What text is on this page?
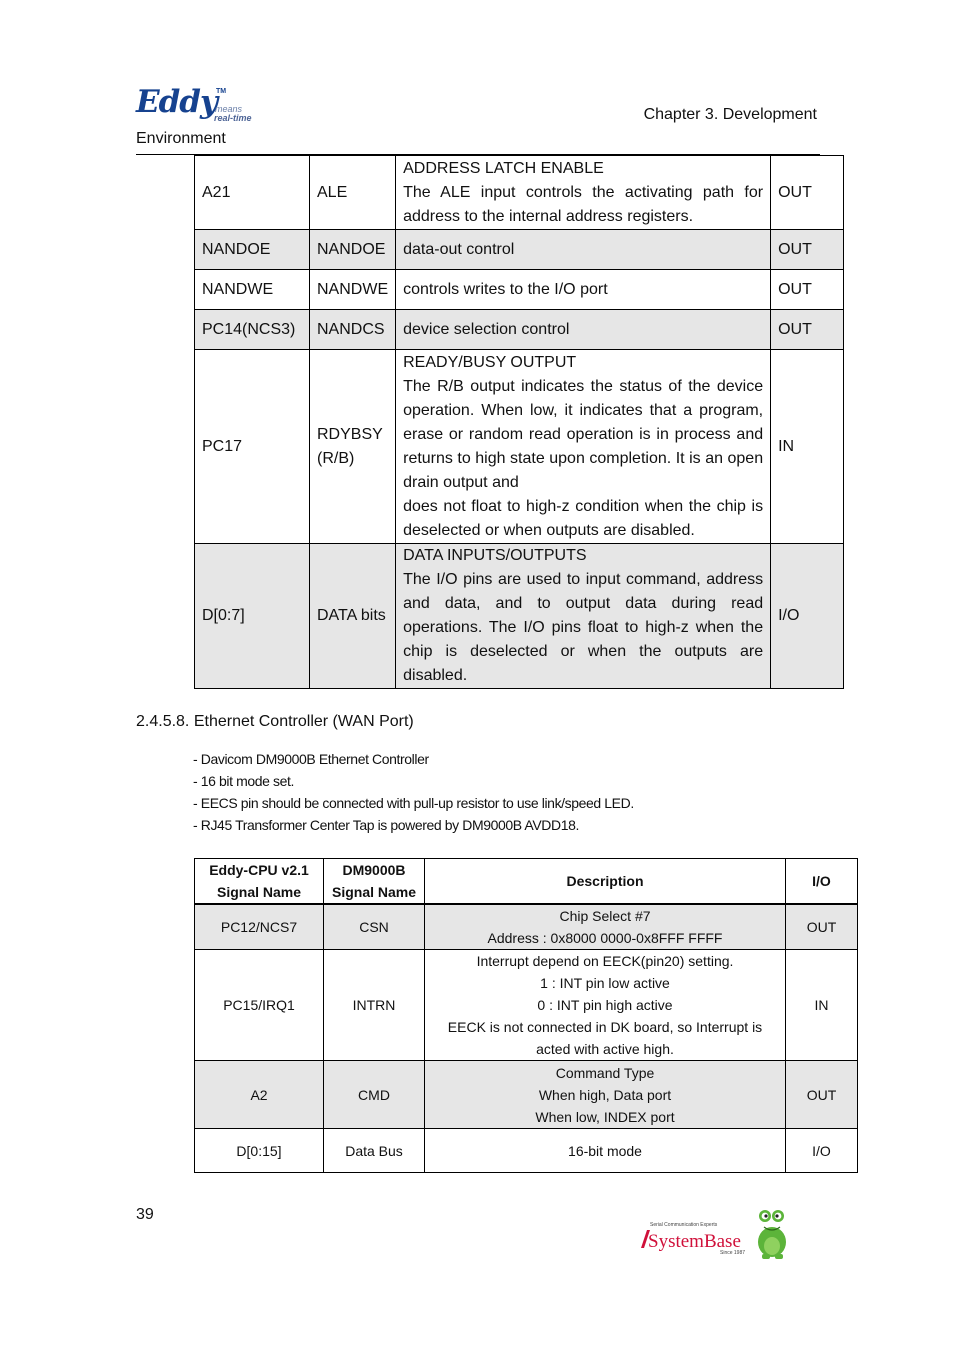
Eddy TM
means
real-time	Chapter 3. Development
Environment
A21	ALE	ADDRESS LATCH ENABLE
The ALE input controls the activating path for address to the internal address registers.	OUT
NANDOE	NANDOE	data-out control	OUT
NANDWE	NANDWE	controls writes to the I/O port	OUT
PC14(NCS3)	NANDCS	device selection control	OUT
PC17	RDYBSY (R/B)	READY/BUSY OUTPUT
The R/B output indicates the status of the device operation. When low, it indicates that a program, erase or random read operation is in process and returns to high state upon completion. It is an open drain output and
does not float to high-z condition when the chip is deselected or when outputs are disabled.	IN
D[0:7]	DATA bits	DATA INPUTS/OUTPUTS
The I/O pins are used to input command, address and data, and to output data during read operations. The I/O pins float to high-z when the chip is deselected or when the outputs are disabled.	I/O
2.4.5.8. Ethernet Controller (WAN Port)
- Davicom DM9000B Ethernet Controller
- 16 bit mode set.
- EECS pin should be connected with pull-up resistor to use link/speed LED.
- RJ45 Transformer Center Tap is powered by DM9000B AVDD18.
Eddy-CPU v2.1 Signal Name	DM9000B Signal Name	Description	I/O
PC12/NCS7	CSN	Chip Select #7
Address : 0x8000 0000-0x8FFF FFFF	OUT
PC15/IRQ1	INTRN	Interrupt depend on EECK(pin20) setting.
1 : INT pin low active
0 : INT pin high active
EECK is not connected in DK board, so Interrupt is acted with active high.	IN
A2	CMD	Command Type
When high, Data port
When low, INDEX port	OUT
D[0:15]	Data Bus	16-bit mode	I/O
39
Serial Communication Experts
SystemBase
Since 1987
